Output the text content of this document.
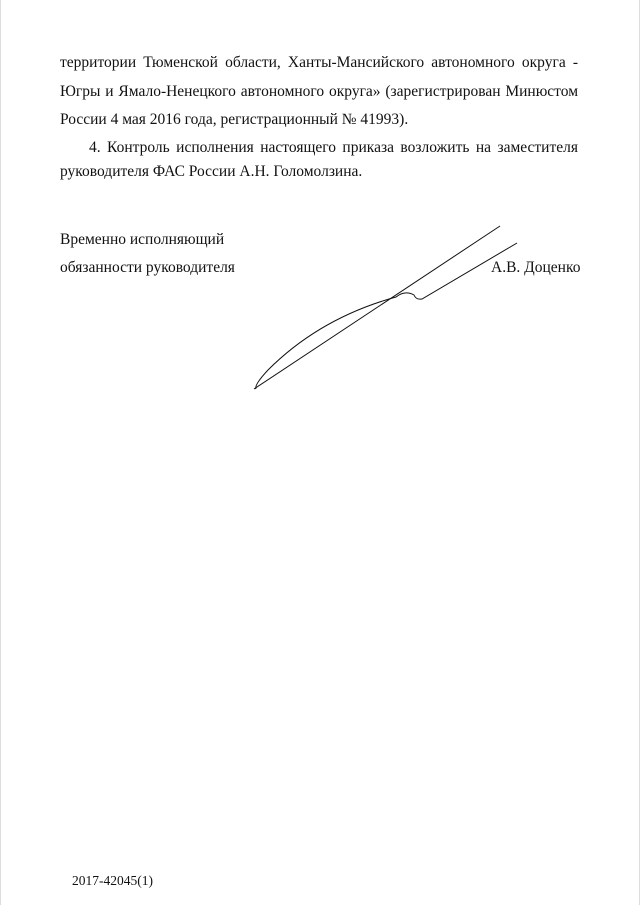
территории Тюменской области, Ханты-Мансийского автономного округа -
Югры и Ямало-Ненецкого автономного округа» (зарегистрирован Минюстом
России 4 мая 2016 года, регистрационный № 41993).
4. Контроль исполнения настоящего приказа возложить на заместителя
руководителя ФАС России А.Н. Голомолзина.
Временно исполняющий
обязанности руководителя	А.В. Доценко
2017-42045(1)
